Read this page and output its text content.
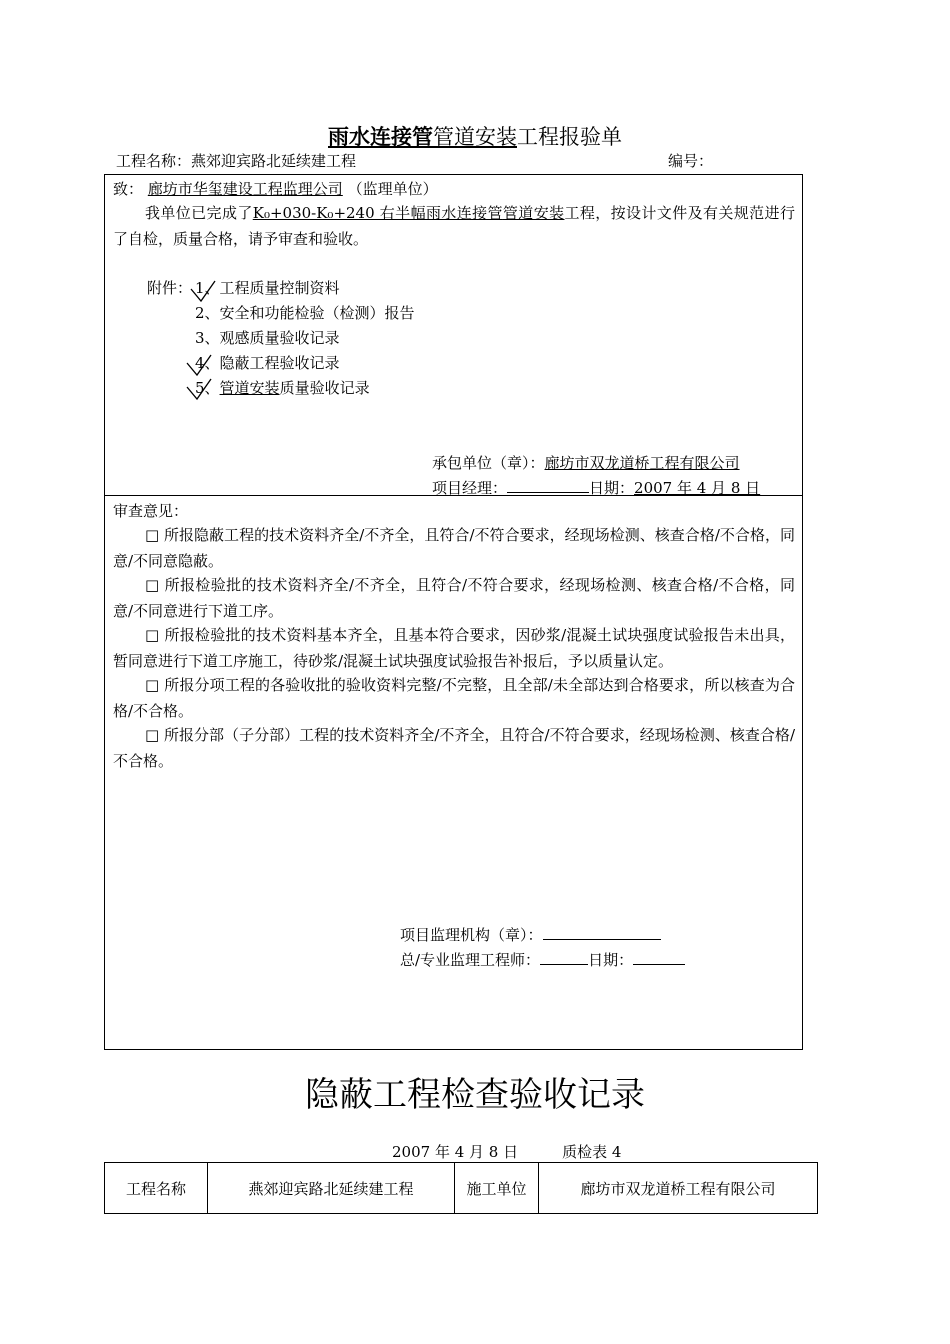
雨水连接管管道安装工程报验单
工程名称：燕郊迎宾路北延续建工程	编号：
致： 廊坊市华玺建设工程监理公司 （监理单位）
我单位已完成了K₀+030-K₀+240 右半幅雨水连接管管道安装工程，按设计文件及有关规范进行了自检，质量合格，请予审查和验收。
附件： 1、工程质量控制资料
2、安全和功能检验（检测）报告
3、观感质量验收记录
4、隐蔽工程验收记录
5、管道安装质量验收记录
承包单位（章）：廊坊市双龙道桥工程有限公司
项目经理：	日期：2007 年 4 月 8 日
审查意见：
□ 所报隐蔽工程的技术资料齐全/不齐全，且符合/不符合要求，经现场检测、核查合格/不合格，同意/不同意隐蔽。
□ 所报检验批的技术资料齐全/不齐全，且符合/不符合要求，经现场检测、核查合格/不合格，同意/不同意进行下道工序。
□ 所报检验批的技术资料基本齐全，且基本符合要求，因砂浆/混凝土试块强度试验报告未出具，暂同意进行下道工序施工，待砂浆/混凝土试块强度试验报告补报后，予以质量认定。
□ 所报分项工程的各验收批的验收资料完整/不完整，且全部/未全部达到合格要求，所以核查为合格/不合格。
□ 所报分部（子分部）工程的技术资料齐全/不齐全，且符合/不符合要求，经现场检测、核查合格/不合格。
项目监理机构（章）：
总/专业监理工程师：	日期：
隐蔽工程检查验收记录
2007 年 4 月 8 日	质检表 4
工程名称	燕郊迎宾路北延续建工程	施工单位	廊坊市双龙道桥工程有限公司
